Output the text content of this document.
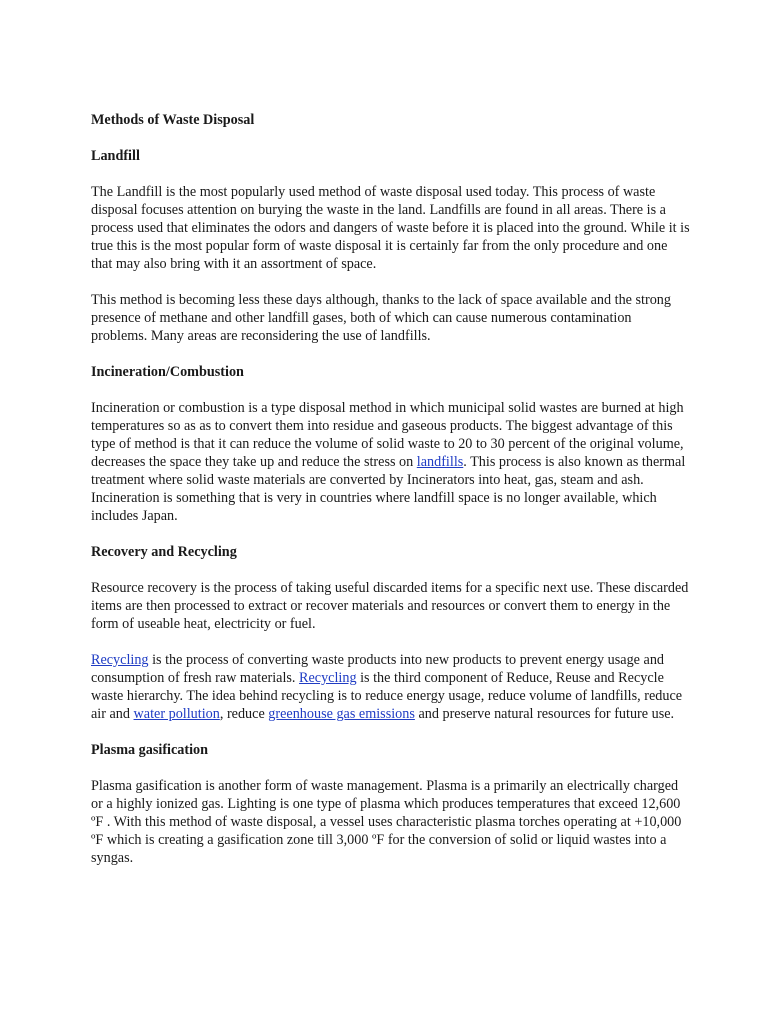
Methods of Waste Disposal
Landfill

The Landfill is the most popularly used method of waste disposal used today. This process of waste disposal focuses attention on burying the waste in the land. Landfills are found in all areas. There is a process used that eliminates the odors and dangers of waste before it is placed into the ground. While it is true this is the most popular form of waste disposal it is certainly far from the only procedure and one that may also bring with it an assortment of space.

This method is becoming less these days although, thanks to the lack of space available and the strong presence of methane and other landfill gases, both of which can cause numerous contamination problems. Many areas are reconsidering the use of landfills.

Incineration/Combustion

Incineration or combustion is a type disposal method in which municipal solid wastes are burned at high temperatures so as as to convert them into residue and gaseous products. The biggest advantage of this type of method is that it can reduce the volume of solid waste to 20 to 30 percent of the original volume, decreases the space they take up and reduce the stress on landfills. This process is also known as thermal treatment where solid waste materials are converted by Incinerators into heat, gas, steam and ash. Incineration is something that is very in countries where landfill space is no longer available, which includes Japan.

Recovery and Recycling

Resource recovery is the process of taking useful discarded items for a specific next use. These discarded items are then processed to extract or recover materials and resources or convert them to energy in the form of useable heat, electricity or fuel.

Recycling is the process of converting waste products into new products to prevent energy usage and consumption of fresh raw materials. Recycling is the third component of Reduce, Reuse and Recycle waste hierarchy. The idea behind recycling is to reduce energy usage, reduce volume of landfills, reduce air and water pollution, reduce greenhouse gas emissions and preserve natural resources for future use.

Plasma gasification

Plasma gasification is another form of waste management. Plasma is a primarily an electrically charged or a highly ionized gas. Lighting is one type of plasma which produces temperatures that exceed 12,600 ºF . With this method of waste disposal, a vessel uses characteristic plasma torches operating at +10,000 ºF which is creating a gasification zone till 3,000 ºF for the conversion of solid or liquid wastes into a syngas.
